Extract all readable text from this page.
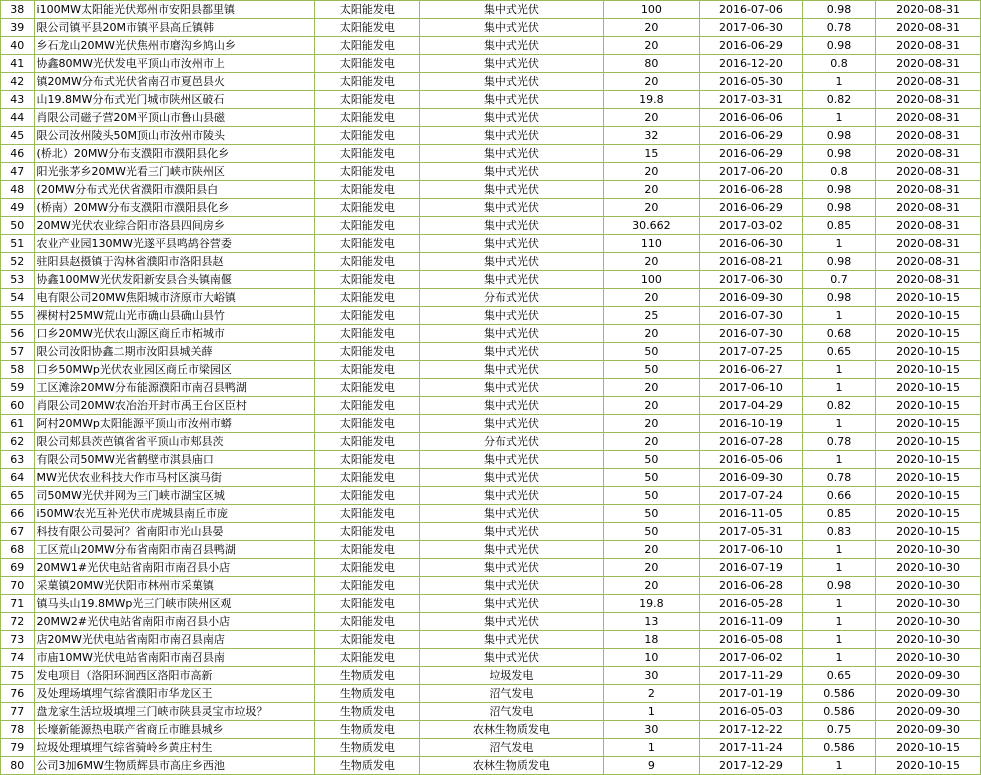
38	i100MW太阳能光伏郑州市安阳县都里镇	太阳能发电	集中式光伏	100		2016-07-06	0.98	2020-08-31
39	限公司镇平县20M市镇平县高丘镇韩	太阳能发电	集中式光伏	20		2017-06-30	0.78	2020-08-31
40	乡石龙山20MW光伏焦州市磨沟乡鸠山乡	太阳能发电	集中式光伏	20		2016-06-29	0.98	2020-08-31
41	协鑫80MW光伏发电平顶山市汝州市上	太阳能发电	集中式光伏	80		2016-12-20	0.8	2020-08-31
42	镇20MW分布式光伏省南召市夏邑县火	太阳能发电	集中式光伏	20		2016-05-30	1	2020-08-31
43	山19.8MW分布式光门城市陕州区破石	太阳能发电	集中式光伏	19.8		2017-03-31	0.82	2020-08-31
44	肖限公司磁子营20M平顶山市鲁山县磁	太阳能发电	集中式光伏	20		2016-06-06	1	2020-08-31
45	限公司汝州陵头50M顶山市汝州市陵头	太阳能发电	集中式光伏	32		2016-06-29	0.98	2020-08-31
46	(桥北）20MW分布支濮阳市濮阳县化乡	太阳能发电	集中式光伏	15		2016-06-29	0.98	2020-08-31
47	阳光张茅乡20MW光看三门峡市陕州区	太阳能发电	集中式光伏	20		2017-06-20	0.8	2020-08-31
48	(20MW分布式光伏省濮阳市濮阳县白	太阳能发电	集中式光伏	20		2016-06-28	0.98	2020-08-31
49	(桥南）20MW分布支濮阳市濮阳县化乡	太阳能发电	集中式光伏	20		2016-06-29	0.98	2020-08-31
50	20MW光伏农业综合阳市洛县四间房乡	太阳能发电	集中式光伏	30.662		2017-03-02	0.85	2020-08-31
51	农业产业园130MW光遂平县鸣鸪谷营委	太阳能发电	集中式光伏	110		2016-06-30	1	2020-08-31
52	驻阳县赵摄镇于沟林省濮阳市洛阳县赵	太阳能发电	集中式光伏	20		2016-08-21	0.98	2020-08-31
53	协鑫100MW光伏发阳新安县合头镇南偃	太阳能发电	集中式光伏	100		2017-06-30	0.7	2020-08-31
54	电有限公司20MW焦阳城市济原市大峪镇	太阳能发电	分布式光伏	20		2016-09-30	0.98	2020-10-15
55	裸树村25MW荒山光市确山县确山县竹	太阳能发电	集中式光伏	25		2016-07-30	1	2020-10-15
56	口乡20MW光伏农山源区商丘市柘城市	太阳能发电	集中式光伏	20		2016-07-30	0.68	2020-10-15
57	限公司汝阳协鑫二期市汝阳县城关薛	太阳能发电	集中式光伏	50		2017-07-25	0.65	2020-10-15
58	口乡50MWp光伏农业园区商丘市梁园区	太阳能发电	集中式光伏	50		2016-06-27	1	2020-10-15
59	工区滩涂20MW分布能源濮阳市南召县鸭湖	太阳能发电	集中式光伏	20		2017-06-10	1	2020-10-15
60	肖限公司20MW农冶治开封市禹王台区臣村	太阳能发电	集中式光伏	20		2017-04-29	0.82	2020-10-15
61	阿村20MWp太阳能源平顶山市汝州市蟒	太阳能发电	集中式光伏	20		2016-10-19	1	2020-10-15
62	限公司郏县茨芭镇省省平顶山市郏县茨	太阳能发电	分布式光伏	20		2016-07-28	0.78	2020-10-15
63	有限公司50MW光省鹤壁市淇县庙口	太阳能发电	集中式光伏	50		2016-05-06	1	2020-10-15
64	MW光伏农业科技大作市马村区演马街	太阳能发电	集中式光伏	50		2016-09-30	0.78	2020-10-15
65	司50MW光伏并网为三门峡市湖宝区城	太阳能发电	集中式光伏	50		2017-07-24	0.66	2020-10-15
66	i50MW农光互补光伏市虎城县南丘市庞	太阳能发电	集中式光伏	50		2016-11-05	0.85	2020-10-15
67	科技有限公司晏河？省南阳市光山县晏	太阳能发电	集中式光伏	50		2017-05-31	0.83	2020-10-15
68	工区荒山20MW分布省南阳市南召县鸭湖	太阳能发电	集中式光伏	20		2017-06-10	1	2020-10-30
69	20MW1#光伏电站省南阳市南召县小店	太阳能发电	集中式光伏	20		2016-07-19	1	2020-10-30
70	采菓镇20MW光伏阳市林州市采菓镇	太阳能发电	集中式光伏	20		2016-06-28	0.98	2020-10-30
71	镇马头山19.8MWp光三门峡市陕州区观	太阳能发电	集中式光伏	19.8		2016-05-28	1	2020-10-30
72	20MW2#光伏电站省南阳市南召县小店	太阳能发电	集中式光伏	13		2016-11-09	1	2020-10-30
73	店20MW光伏电站省南阳市南召县南店	太阳能发电	集中式光伏	18		2016-05-08	1	2020-10-30
74	市庙10MW光伏电站省南阳市南召县南	太阳能发电	集中式光伏	10		2017-06-02	1	2020-10-30
75	发电项目（洛阳环涧西区洛阳市高新	生物质发电	垃圾发电	30		2017-11-29	0.65	2020-09-30
76	及处理场填埋气综省濮阳市华龙区王	生物质发电	沼气发电	2		2017-01-19	0.586	2020-09-30
77	盘龙家生活垃圾填埋三门峡市陕县灵宝市垃圾？	生物质发电	沼气发电	1		2016-05-03	0.586	2020-09-30
78	长壕新能源热电联产省商丘市睢县城乡	生物质发电	农林生物质发电	30		2017-12-22	0.75	2020-09-30
79	垃圾处理填埋气综省骑岭乡黄庄村生	生物质发电	沼气发电	1		2017-11-24	0.586	2020-10-15
80	公司3加6MW生物质辉县市高庄乡西池	生物质发电	农林生物质发电	9		2017-12-29	1	2020-10-15
